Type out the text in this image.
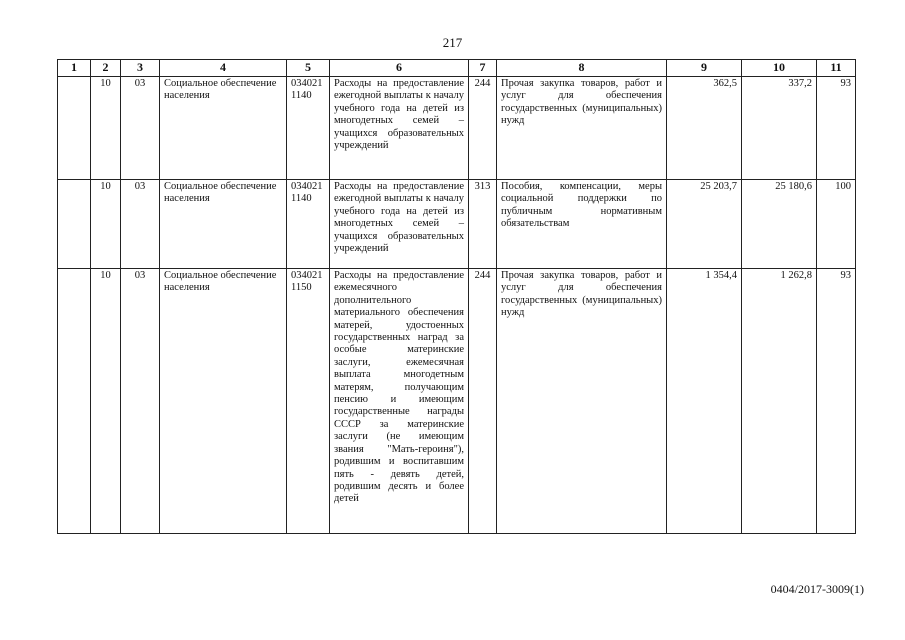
217
1	2	3	4	5	6	7	8	9	10	11
	10	03	Социальное обеспечение населения	034021 1140	Расходы на предоставление ежегодной выплаты к началу учебного года на детей из многодетных семей – учащихся образовательных учреждений	244	Прочая закупка товаров, работ и услуг для обеспечения государственных (муниципальных) нужд	362,5	337,2	93
	10	03	Социальное обеспечение населения	034021 1140	Расходы на предоставление ежегодной выплаты к началу учебного года на детей из многодетных семей – учащихся образовательных учреждений	313	Пособия, компенсации, меры социальной поддержки по публичным нормативным обязательствам	25 203,7	25 180,6	100
	10	03	Социальное обеспечение населения	034021 1150	Расходы на предоставление ежемесячного дополнительного материального обеспечения матерей, удостоенных государственных наград за особые материнские заслуги, ежемесячная выплата многодетным матерям, получающим пенсию и имеющим государственные награды СССР за материнские заслуги (не имеющим звания "Мать-героиня"), родившим и воспитавшим пять - девять детей, родившим десять и более детей	244	Прочая закупка товаров, работ и услуг для обеспечения государственных (муниципальных) нужд	1 354,4	1 262,8	93
0404/2017-3009(1)
